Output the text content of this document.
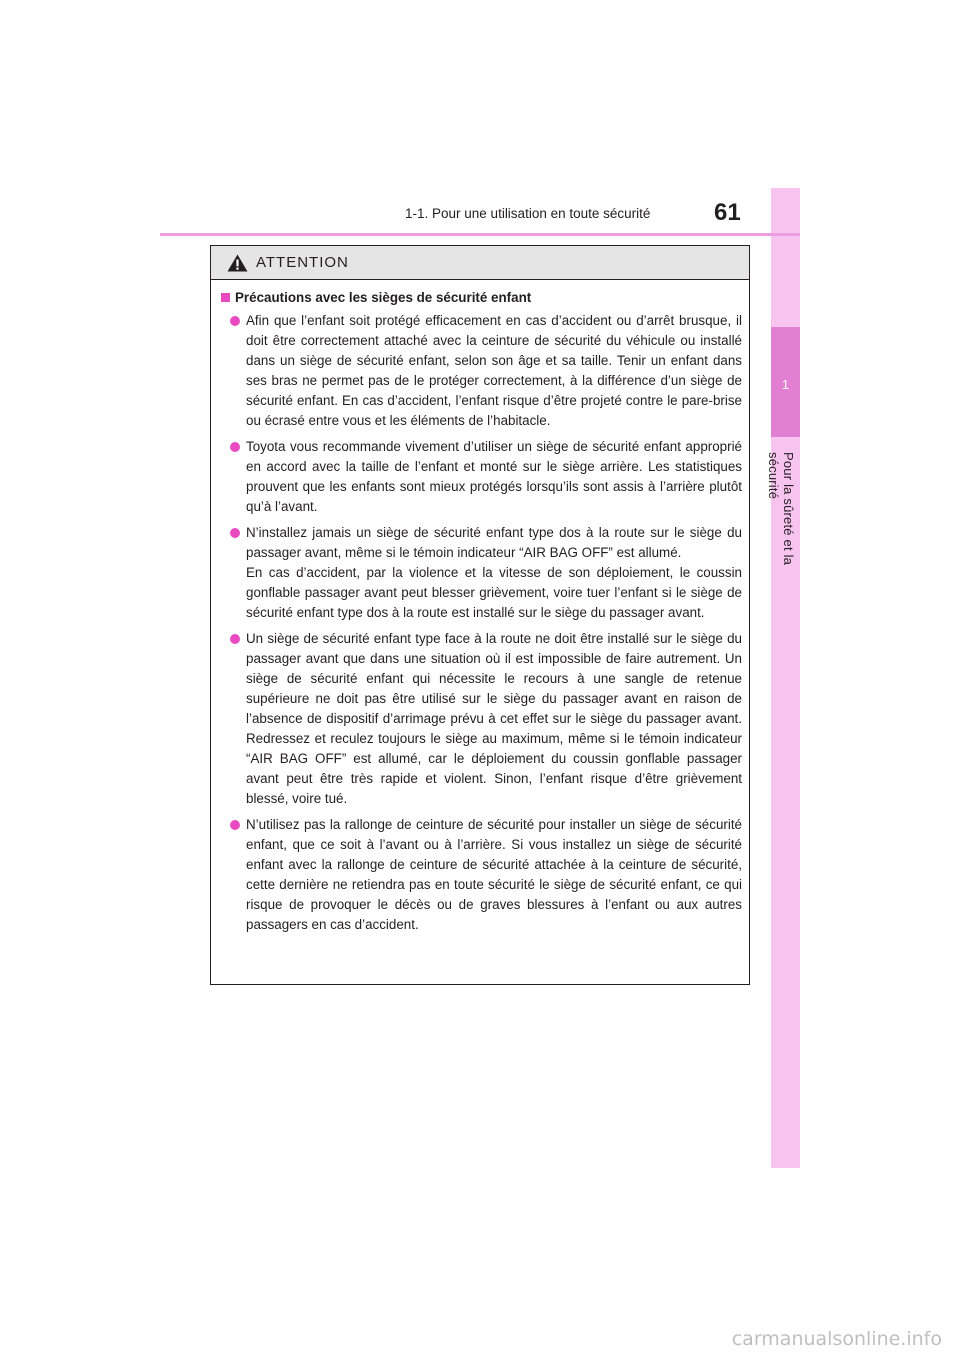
1
Pour la sûreté et la sécurité
1-1. Pour une utilisation en toute sécurité	61
ATTENTION
Précautions avec les sièges de sécurité enfant
Afin que l’enfant soit protégé efficacement en cas d’accident ou d’arrêt brusque, il doit être correctement attaché avec la ceinture de sécurité du véhicule ou installé dans un siège de sécurité enfant, selon son âge et sa taille. Tenir un enfant dans ses bras ne permet pas de le protéger correctement, à la différence d’un siège de sécurité enfant. En cas d’accident, l’enfant risque d’être projeté contre le pare-brise ou écrasé entre vous et les éléments de l’habitacle.
Toyota vous recommande vivement d’utiliser un siège de sécurité enfant approprié en accord avec la taille de l’enfant et monté sur le siège arrière. Les statistiques prouvent que les enfants sont mieux protégés lorsqu’ils sont assis à l’arrière plutôt qu’à l’avant.
N’installez jamais un siège de sécurité enfant type dos à la route sur le siège du passager avant, même si le témoin indicateur “AIR BAG OFF” est allumé.
En cas d’accident, par la violence et la vitesse de son déploiement, le coussin gonflable passager avant peut blesser grièvement, voire tuer l’enfant si le siège de sécurité enfant type dos à la route est installé sur le siège du passager avant.
Un siège de sécurité enfant type face à la route ne doit être installé sur le siège du passager avant que dans une situation où il est impossible de faire autrement. Un siège de sécurité enfant qui nécessite le recours à une sangle de retenue supérieure ne doit pas être utilisé sur le siège du passager avant en raison de l’absence de dispositif d’arrimage prévu à cet effet sur le siège du passager avant. Redressez et reculez toujours le siège au maximum, même si le témoin indicateur “AIR BAG OFF” est allumé, car le déploiement du coussin gonflable passager avant peut être très rapide et violent. Sinon, l’enfant risque d’être grièvement blessé, voire tué.
N’utilisez pas la rallonge de ceinture de sécurité pour installer un siège de sécurité enfant, que ce soit à l’avant ou à l’arrière. Si vous installez un siège de sécurité enfant avec la rallonge de ceinture de sécurité attachée à la ceinture de sécurité, cette dernière ne retiendra pas en toute sécurité le siège de sécurité enfant, ce qui risque de provoquer le décès ou de graves blessures à l’enfant ou aux autres passagers en cas d’accident.
carmanualsonline.info
